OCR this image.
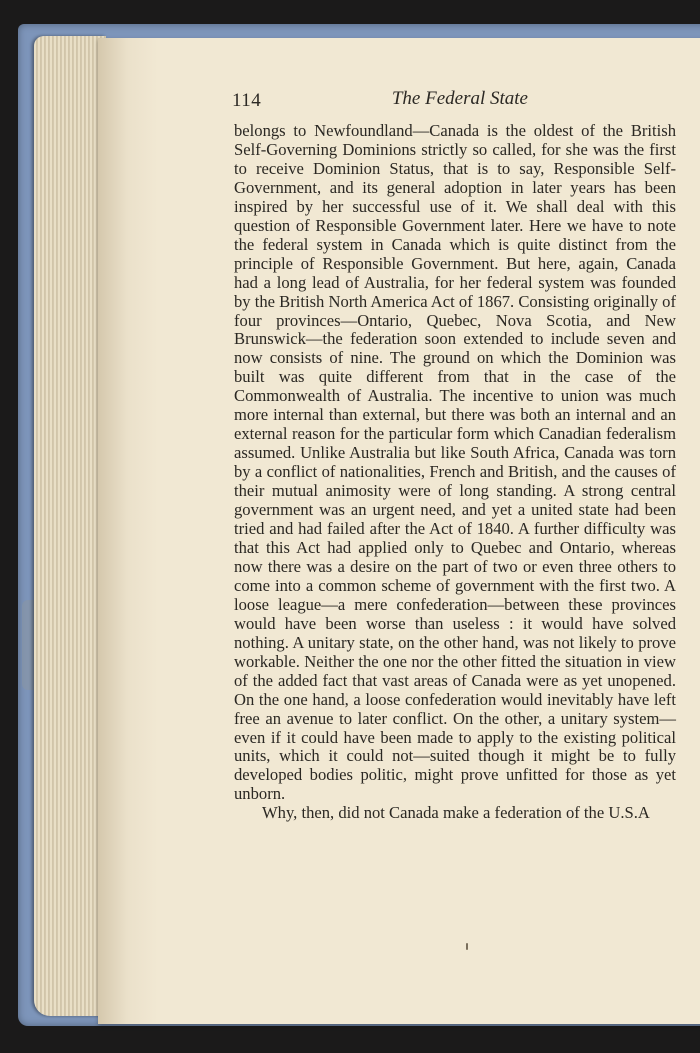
114	The Federal State

belongs to Newfoundland—Canada is the oldest of the British Self-Governing Dominions strictly so called, for she was the first to receive Dominion Status, that is to say, Responsible Self-Government, and its general adoption in later years has been inspired by her successful use of it. We shall deal with this question of Responsible Government later. Here we have to note the federal system in Canada which is quite distinct from the principle of Responsible Government. But here, again, Canada had a long lead of Australia, for her federal system was founded by the British North America Act of 1867. Consisting originally of four provinces—Ontario, Quebec, Nova Scotia, and New Brunswick—the federation soon extended to include seven and now consists of nine. The ground on which the Dominion was built was quite different from that in the case of the Commonwealth of Australia. The incentive to union was much more internal than external, but there was both an internal and an external reason for the particular form which Canadian federalism assumed. Unlike Australia but like South Africa, Canada was torn by a conflict of nationalities, French and British, and the causes of their mutual animosity were of long standing. A strong central government was an urgent need, and yet a united state had been tried and had failed after the Act of 1840. A further difficulty was that this Act had applied only to Quebec and Ontario, whereas now there was a desire on the part of two or even three others to come into a common scheme of government with the first two. A loose league—a mere confederation—between these provinces would have been worse than useless : it would have solved nothing. A unitary state, on the other hand, was not likely to prove workable. Neither the one nor the other fitted the situation in view of the added fact that vast areas of Canada were as yet unopened. On the one hand, a loose confederation would inevitably have left free an avenue to later conflict. On the other, a unitary system—even if it could have been made to apply to the existing political units, which it could not—suited though it might be to fully developed bodies politic, might prove unfitted for those as yet unborn.

Why, then, did not Canada make a federation of the U.S.A
